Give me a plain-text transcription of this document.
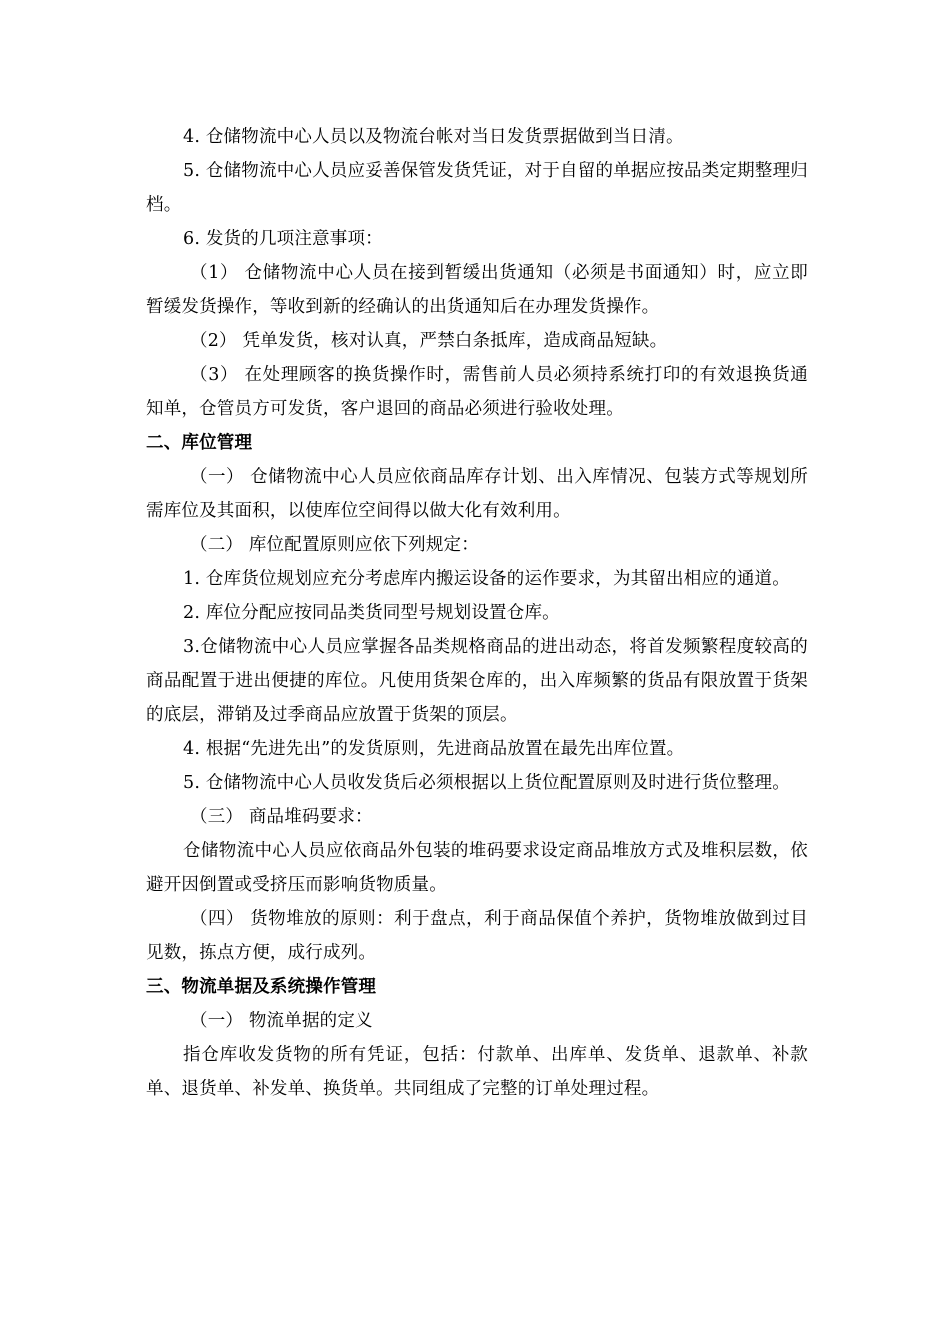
4. 仓储物流中心人员以及物流台帐对当日发货票据做到当日清。

5. 仓储物流中心人员应妥善保管发货凭证，对于自留的单据应按品类定期整理归档。

6. 发货的几项注意事项：

（1） 仓储物流中心人员在接到暂缓出货通知（必须是书面通知）时，应立即暂缓发货操作，等收到新的经确认的出货通知后在办理发货操作。

（2） 凭单发货，核对认真，严禁白条抵库，造成商品短缺。

（3） 在处理顾客的换货操作时，需售前人员必须持系统打印的有效退换货通知单，仓管员方可发货，客户退回的商品必须进行验收处理。

二、库位管理

（一） 仓储物流中心人员应依商品库存计划、出入库情况、包装方式等规划所需库位及其面积，以使库位空间得以做大化有效利用。

（二） 库位配置原则应依下列规定：

1. 仓库货位规划应充分考虑库内搬运设备的运作要求，为其留出相应的通道。

2. 库位分配应按同品类货同型号规划设置仓库。

3.仓储物流中心人员应掌握各品类规格商品的进出动态，将首发频繁程度较高的商品配置于进出便捷的库位。凡使用货架仓库的，出入库频繁的货品有限放置于货架的底层，滞销及过季商品应放置于货架的顶层。

4. 根据“先进先出”的发货原则，先进商品放置在最先出库位置。

5. 仓储物流中心人员收发货后必须根据以上货位配置原则及时进行货位整理。

（三） 商品堆码要求：

仓储物流中心人员应依商品外包装的堆码要求设定商品堆放方式及堆积层数，依避开因倒置或受挤压而影响货物质量。

（四） 货物堆放的原则：利于盘点，利于商品保值个养护，货物堆放做到过目见数，拣点方便，成行成列。

三、物流单据及系统操作管理

（一） 物流单据的定义

指仓库收发货物的所有凭证，包括：付款单、出库单、发货单、退款单、补款单、退货单、补发单、换货单。共同组成了完整的订单处理过程。
